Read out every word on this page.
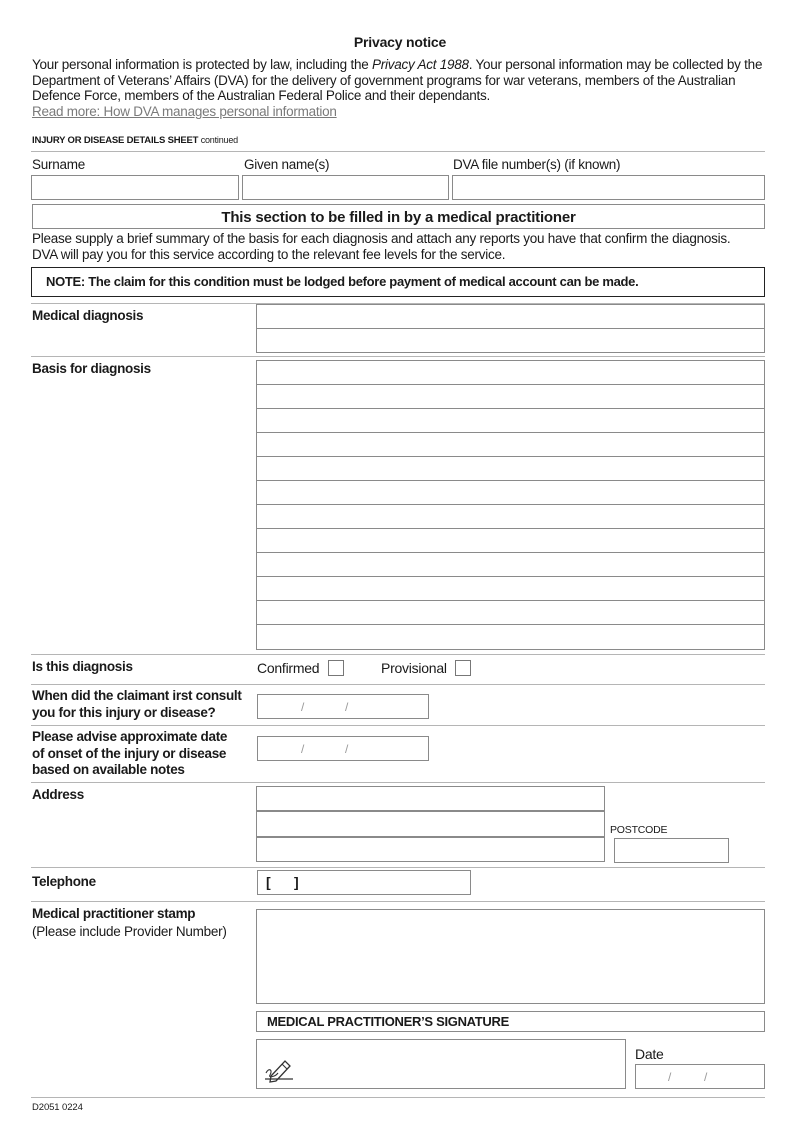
Privacy notice
Your personal information is protected by law, including the Privacy Act 1988. Your personal information may be collected by the
Department of Veterans’ Affairs (DVA) for the delivery of government programs for war veterans, members of the Australian
Defence Force, members of the Australian Federal Police and their dependants.
Read more: How DVA manages personal information
INJURY OR DISEASE DETAILS SHEET continued
Surname	Given name(s)	DVA file number(s) (if known)
This section to be filled in by a medical practitioner
Please supply a brief summary of the basis for each diagnosis and attach any reports you have that confirm the diagnosis.
DVA will pay you for this service according to the relevant fee levels for the service.
NOTE: The claim for this condition must be lodged before payment of medical account can be made.
Medical diagnosis
Basis for diagnosis
Is this diagnosis	Confirmed	Provisional
When did the claimant irst consult
you for this injury or disease?	/	/
Please advise approximate date
of onset of the injury or disease
based on available notes
/	/
Address
POSTCODE
Telephone	[ ]
Medical practitioner stamp
(Please include Provider Number)
MEDICAL PRACTITIONER’S SIGNATURE
Date
/	/
D2051 0224
